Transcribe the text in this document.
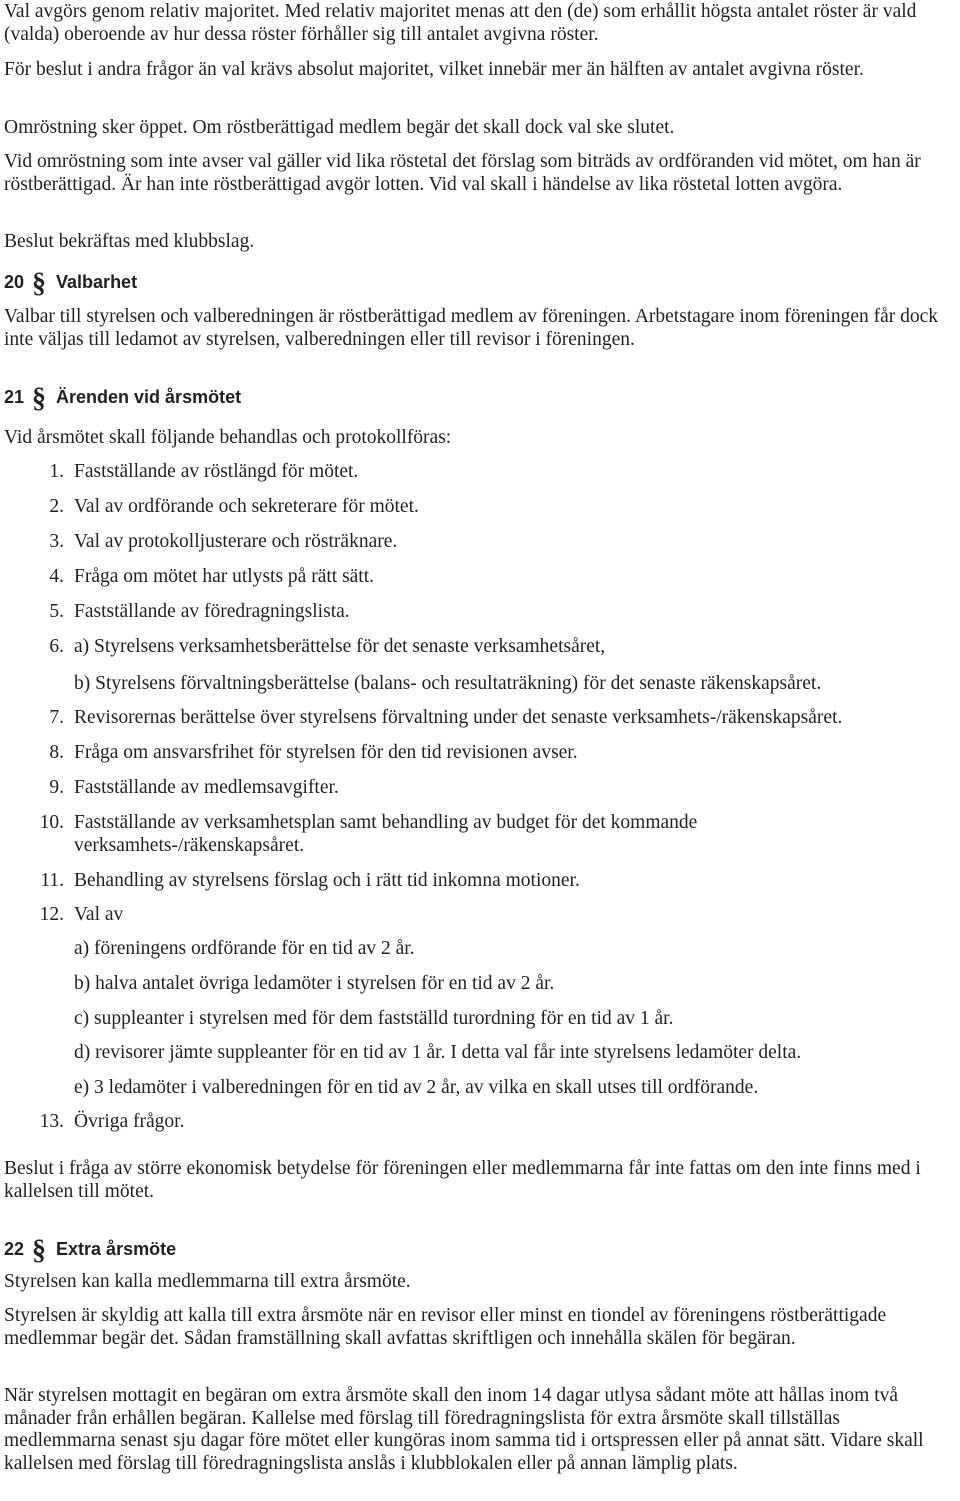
Val avgörs genom relativ majoritet. Med relativ majoritet menas att den (de) som erhållit högsta antalet röster är vald (valda) oberoende av hur dessa röster förhåller sig till antalet avgivna röster.

För beslut i andra frågor än val krävs absolut majoritet, vilket innebär mer än hälften av antalet avgivna röster.

Omröstning sker öppet. Om röstberättigad medlem begär det skall dock val ske slutet.

Vid omröstning som inte avser val gäller vid lika röstetal det förslag som biträds av ordföranden vid mötet, om han är röstberättigad. Är han inte röstberättigad avgör lotten. Vid val skall i händelse av lika röstetal lotten avgöra.

Beslut bekräftas med klubbslag.

20 § Valbarhet

Valbar till styrelsen och valberedningen är röstberättigad medlem av föreningen. Arbetstagare inom föreningen får dock inte väljas till ledamot av styrelsen, valberedningen eller till revisor i föreningen.

21 § Ärenden vid årsmötet

Vid årsmötet skall följande behandlas och protokollföras:

1. Fastställande av röstlängd för mötet.
2. Val av ordförande och sekreterare för mötet.
3. Val av protokolljusterare och rösträknare.
4. Fråga om mötet har utlysts på rätt sätt.
5. Fastställande av föredragningslista.
6. a) Styrelsens verksamhetsberättelse för det senaste verksamhetsåret,

b) Styrelsens förvaltningsberättelse (balans- och resultaträkning) för det senaste räkenskapsåret.

7. Revisorernas berättelse över styrelsens förvaltning under det senaste verksamhets-/räkenskapsåret.
8. Fråga om ansvarsfrihet för styrelsen för den tid revisionen avser.
9. Fastställande av medlemsavgifter.
10. Fastställande av verksamhetsplan samt behandling av budget för det kommande verksamhets-/räkenskapsåret.
11. Behandling av styrelsens förslag och i rätt tid inkomna motioner.
12. Val av

a) föreningens ordförande för en tid av 2 år.

b) halva antalet övriga ledamöter i styrelsen för en tid av 2 år.

c) suppleanter i styrelsen med för dem fastställd turordning för en tid av 1 år.

d) revisorer jämte suppleanter för en tid av 1 år. I detta val får inte styrelsens ledamöter delta.

e) 3 ledamöter i valberedningen för en tid av 2 år, av vilka en skall utses till ordförande.

13. Övriga frågor.

Beslut i fråga av större ekonomisk betydelse för föreningen eller medlemmarna får inte fattas om den inte finns med i kallelsen till mötet.

22 § Extra årsmöte

Styrelsen kan kalla medlemmarna till extra årsmöte.

Styrelsen är skyldig att kalla till extra årsmöte när en revisor eller minst en tiondel av föreningens röstberättigade medlemmar begär det. Sådan framställning skall avfattas skriftligen och innehålla skälen för begäran.

När styrelsen mottagit en begäran om extra årsmöte skall den inom 14 dagar utlysa sådant möte att hållas inom två månader från erhållen begäran. Kallelse med förslag till föredragningslista för extra årsmöte skall tillställas medlemmarna senast sju dagar före mötet eller kungöras inom samma tid i ortspressen eller på annat sätt. Vidare skall kallelsen med förslag till föredragningslista anslås i klubblokalen eller på annan lämplig plats.
